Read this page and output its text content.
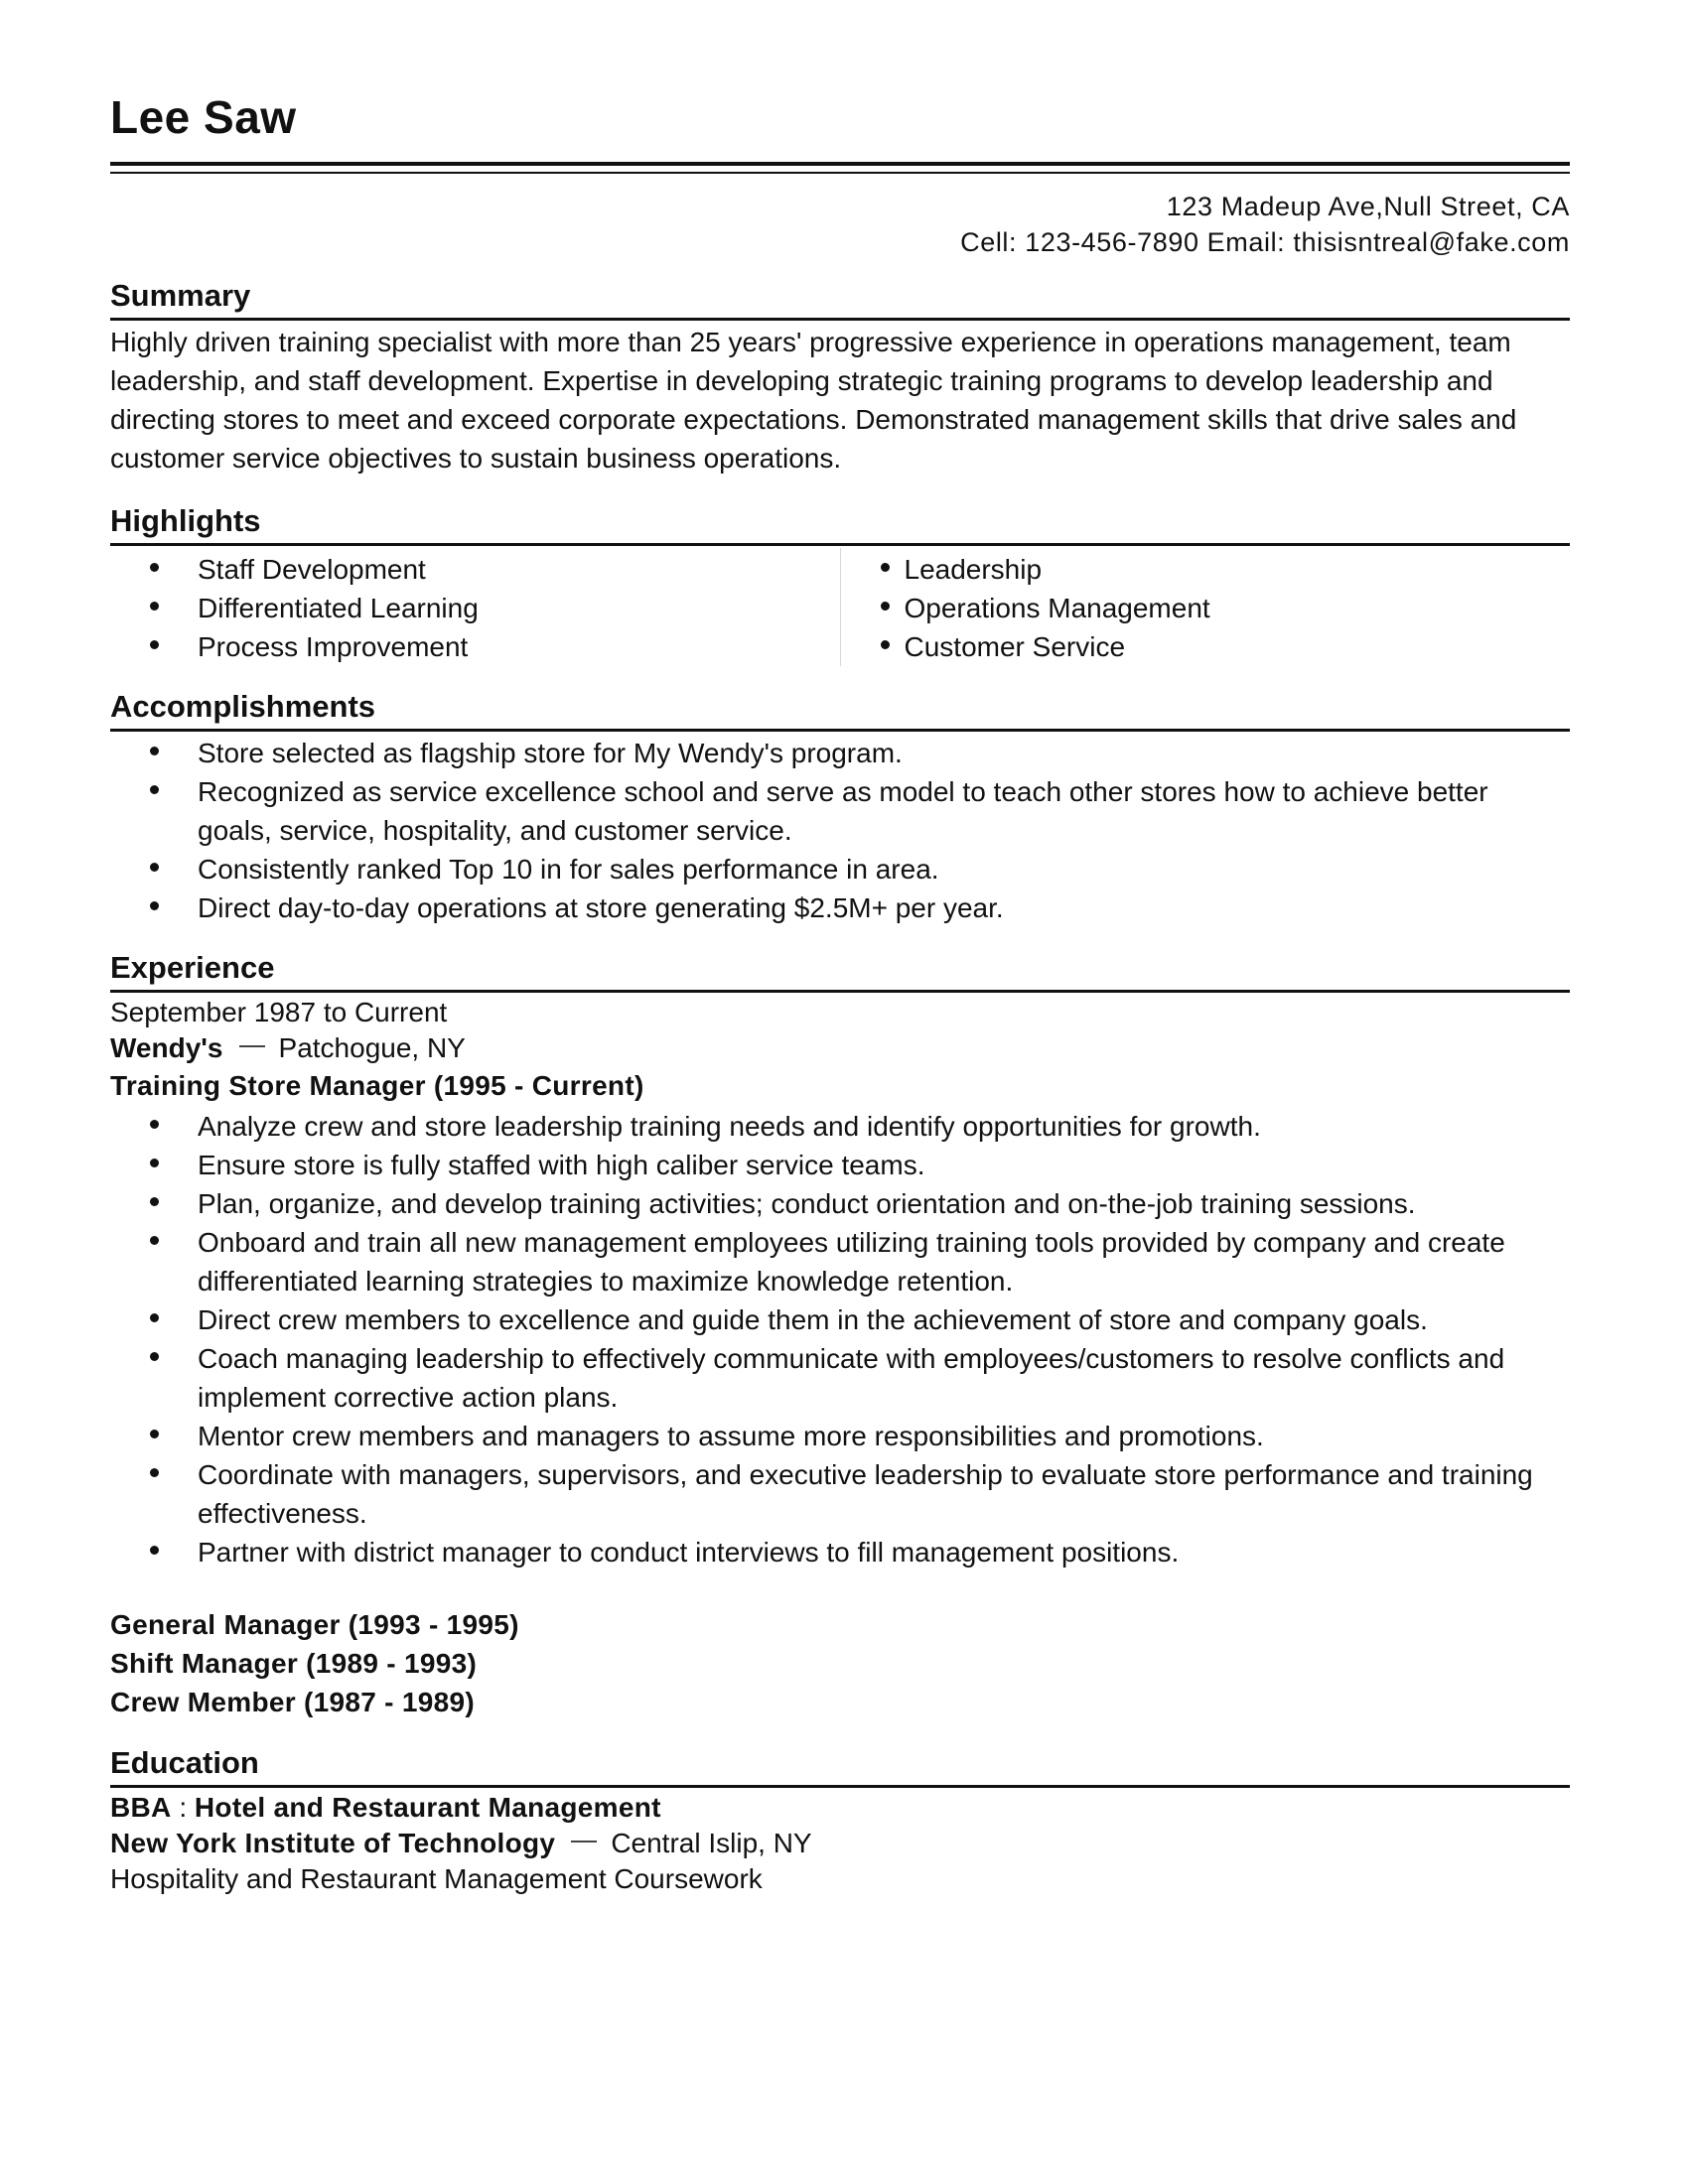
Lee Saw
123 Madeup Ave,Null Street, CA
Cell: 123-456-7890 Email: thisisntreal@fake.com
Summary

Highly driven training specialist with more than 25 years' progressive experience in operations management, team leadership, and staff development. Expertise in developing strategic training programs to develop leadership and directing stores to meet and exceed corporate expectations. Demonstrated management skills that drive sales and customer service objectives to sustain business operations.

Highlights
Staff Development
Differentiated Learning
Process Improvement
Leadership
Operations Management
Customer Service
Accomplishments
Store selected as flagship store for My Wendy's program.
Recognized as service excellence school and serve as model to teach other stores how to achieve better goals, service, hospitality, and customer service.
Consistently ranked Top 10 in for sales performance in area.
Direct day-to-day operations at store generating $2.5M+ per year.
Experience
September 1987 to Current
Wendy's Patchogue, NY
Training Store Manager (1995 - Current)
Analyze crew and store leadership training needs and identify opportunities for growth.
Ensure store is fully staffed with high caliber service teams.
Plan, organize, and develop training activities; conduct orientation and on-the-job training sessions.
Onboard and train all new management employees utilizing training tools provided by company and create differentiated learning strategies to maximize knowledge retention.
Direct crew members to excellence and guide them in the achievement of store and company goals.
Coach managing leadership to effectively communicate with employees/customers to resolve conflicts and implement corrective action plans.
Mentor crew members and managers to assume more responsibilities and promotions.
Coordinate with managers, supervisors, and executive leadership to evaluate store performance and training effectiveness.
Partner with district manager to conduct interviews to fill management positions.
General Manager (1993 - 1995)
Shift Manager (1989 - 1993)
Crew Member (1987 - 1989)
Education
BBA : Hotel and Restaurant Management
New York Institute of Technology Central Islip, NY
Hospitality and Restaurant Management Coursework
